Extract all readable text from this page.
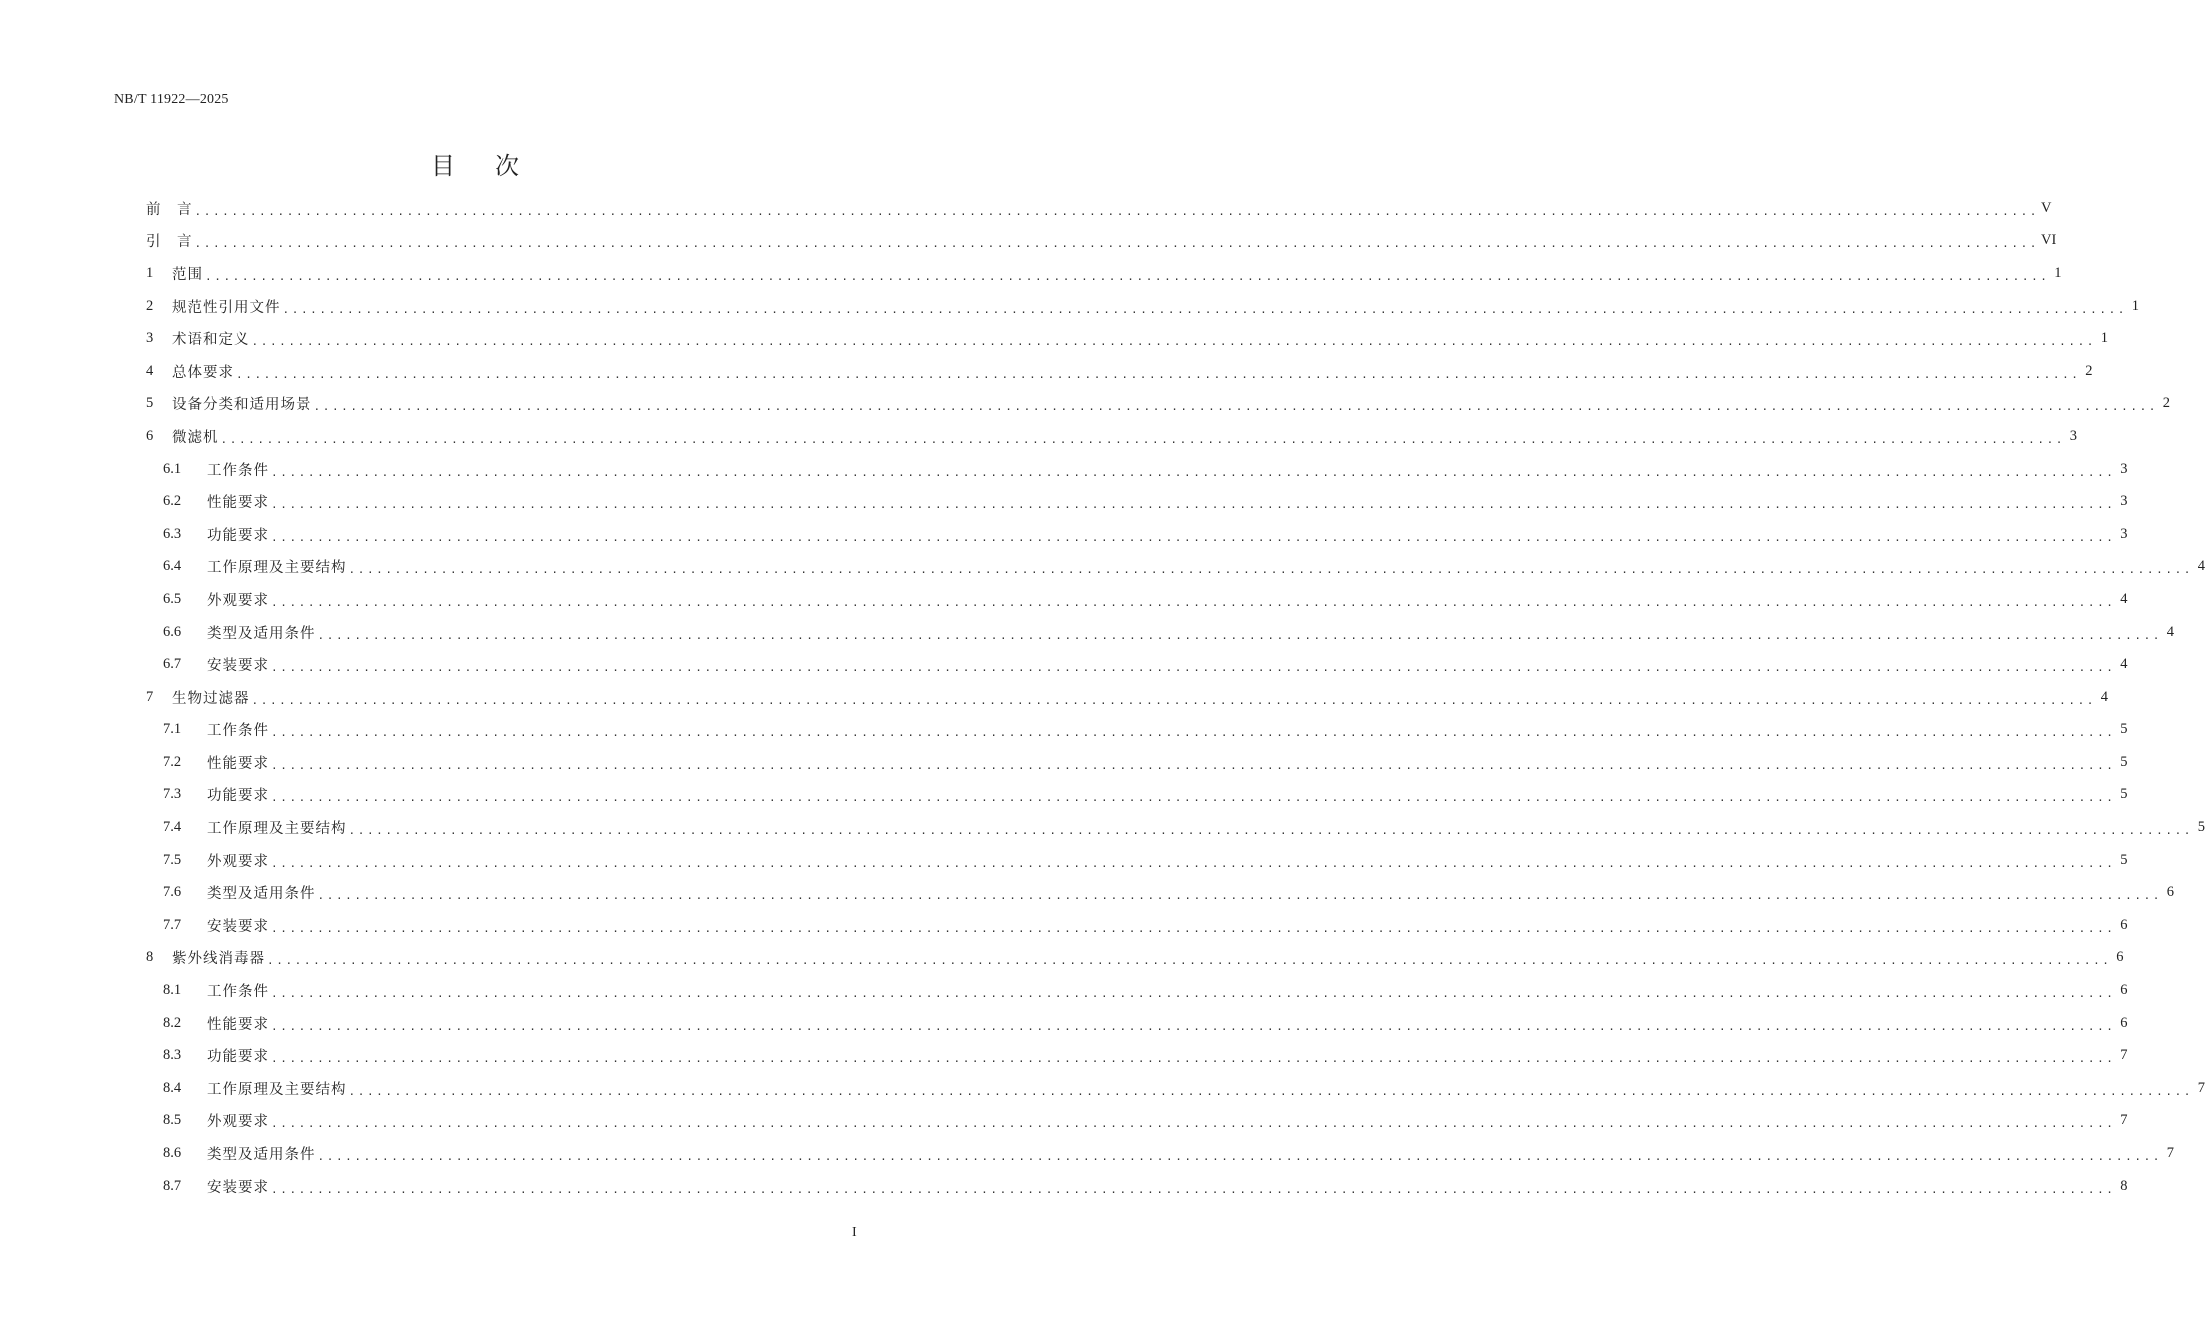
NB/T 11922—2025
目 次
前　言 ........................................................................................................................................................................................................ V
引　言 ........................................................................................................................................................................................................ VI
1	范围 ........................................................................................................................................................................................................ 1
2	规范性引用文件 ........................................................................................................................................................................................................ 1
3	术语和定义 ........................................................................................................................................................................................................ 1
4	总体要求 ........................................................................................................................................................................................................ 2
5	设备分类和适用场景 ........................................................................................................................................................................................................ 2
6	微滤机 ........................................................................................................................................................................................................ 3
6.1	工作条件 ........................................................................................................................................................................................................ 3
6.2	性能要求 ........................................................................................................................................................................................................ 3
6.3	功能要求 ........................................................................................................................................................................................................ 3
6.4	工作原理及主要结构 ........................................................................................................................................................................................................ 4
6.5	外观要求 ........................................................................................................................................................................................................ 4
6.6	类型及适用条件 ........................................................................................................................................................................................................ 4
6.7	安装要求 ........................................................................................................................................................................................................ 4
7	生物过滤器 ........................................................................................................................................................................................................ 4
7.1	工作条件 ........................................................................................................................................................................................................ 5
7.2	性能要求 ........................................................................................................................................................................................................ 5
7.3	功能要求 ........................................................................................................................................................................................................ 5
7.4	工作原理及主要结构 ........................................................................................................................................................................................................ 5
7.5	外观要求 ........................................................................................................................................................................................................ 5
7.6	类型及适用条件 ........................................................................................................................................................................................................ 6
7.7	安装要求 ........................................................................................................................................................................................................ 6
8	紫外线消毒器 ........................................................................................................................................................................................................ 6
8.1	工作条件 ........................................................................................................................................................................................................ 6
8.2	性能要求 ........................................................................................................................................................................................................ 6
8.3	功能要求 ........................................................................................................................................................................................................ 7
8.4	工作原理及主要结构 ........................................................................................................................................................................................................ 7
8.5	外观要求 ........................................................................................................................................................................................................ 7
8.6	类型及适用条件 ........................................................................................................................................................................................................ 7
8.7	安装要求 ........................................................................................................................................................................................................ 8
I
